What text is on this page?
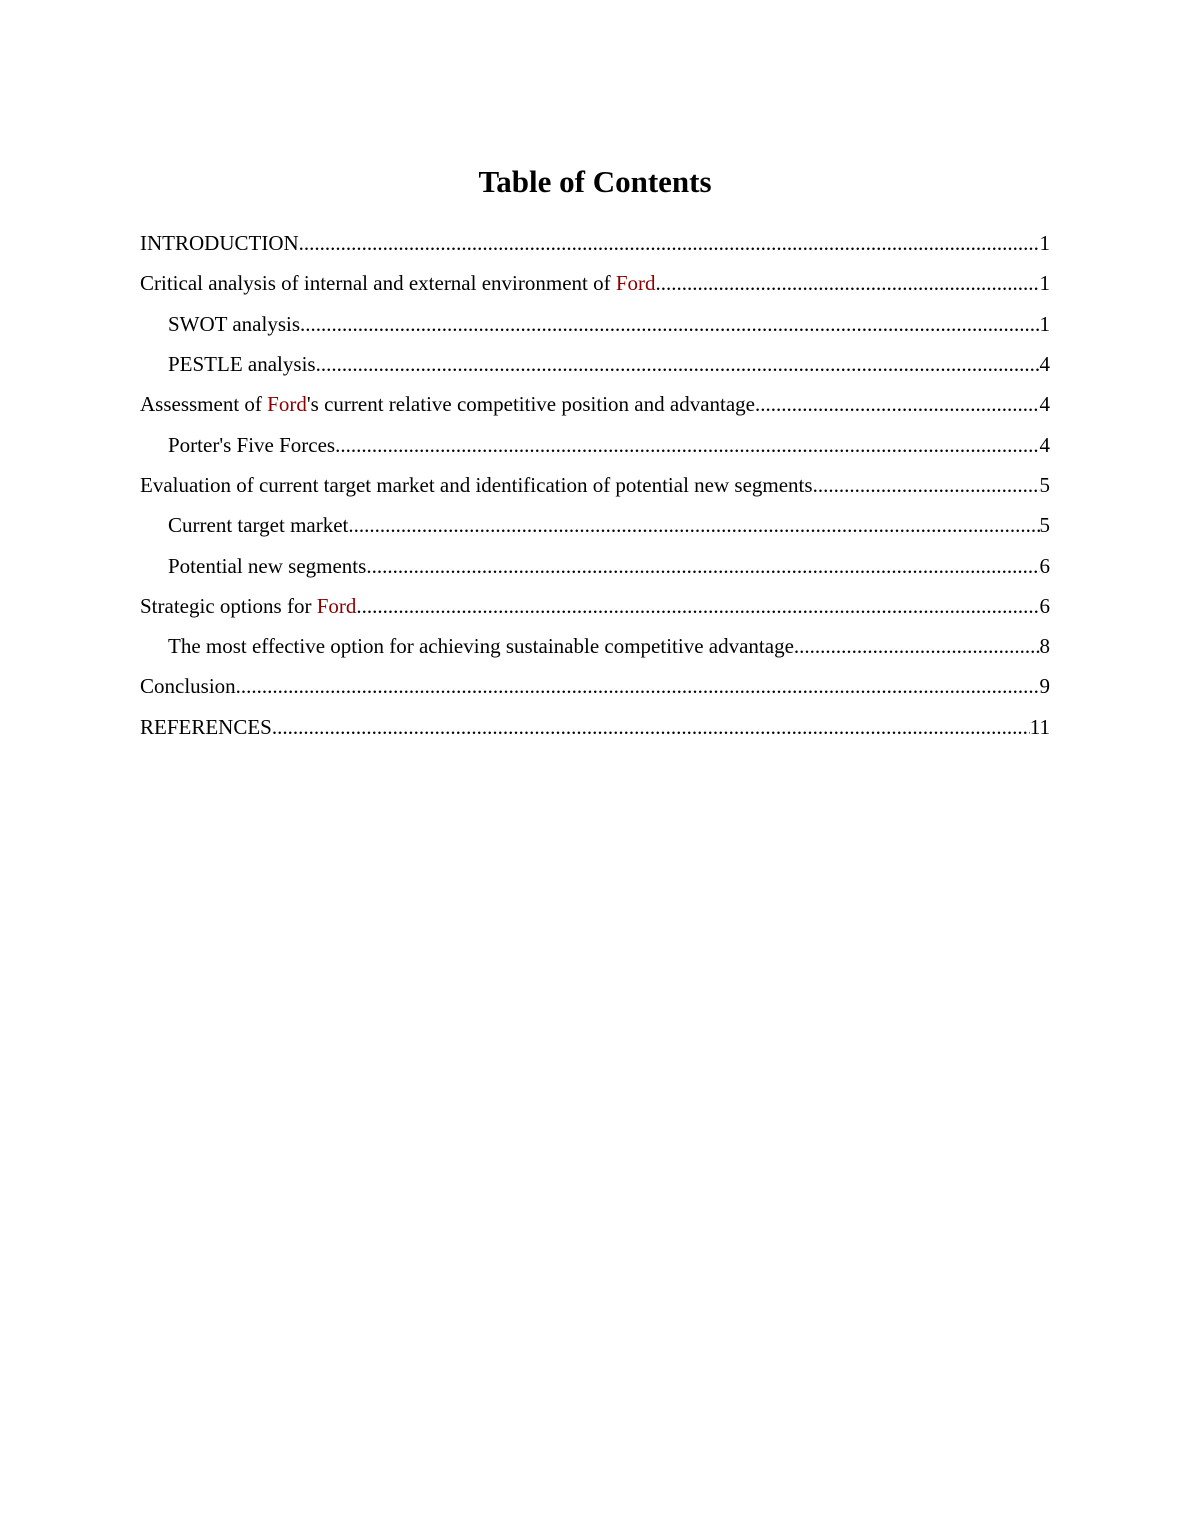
Table of Contents
INTRODUCTION .....	1
Critical analysis of internal and external environment of Ford .....	1
SWOT analysis .....	1
PESTLE analysis .....	4
Assessment of Ford's current relative competitive position and advantage .....	4
Porter's Five Forces .....	4
Evaluation of current target market and identification of potential new segments .....	5
Current target market .....	5
Potential new segments .....	6
Strategic options for Ford .....	6
The most effective option for achieving sustainable competitive advantage .....	8
Conclusion .....	9
REFERENCES .....	11
